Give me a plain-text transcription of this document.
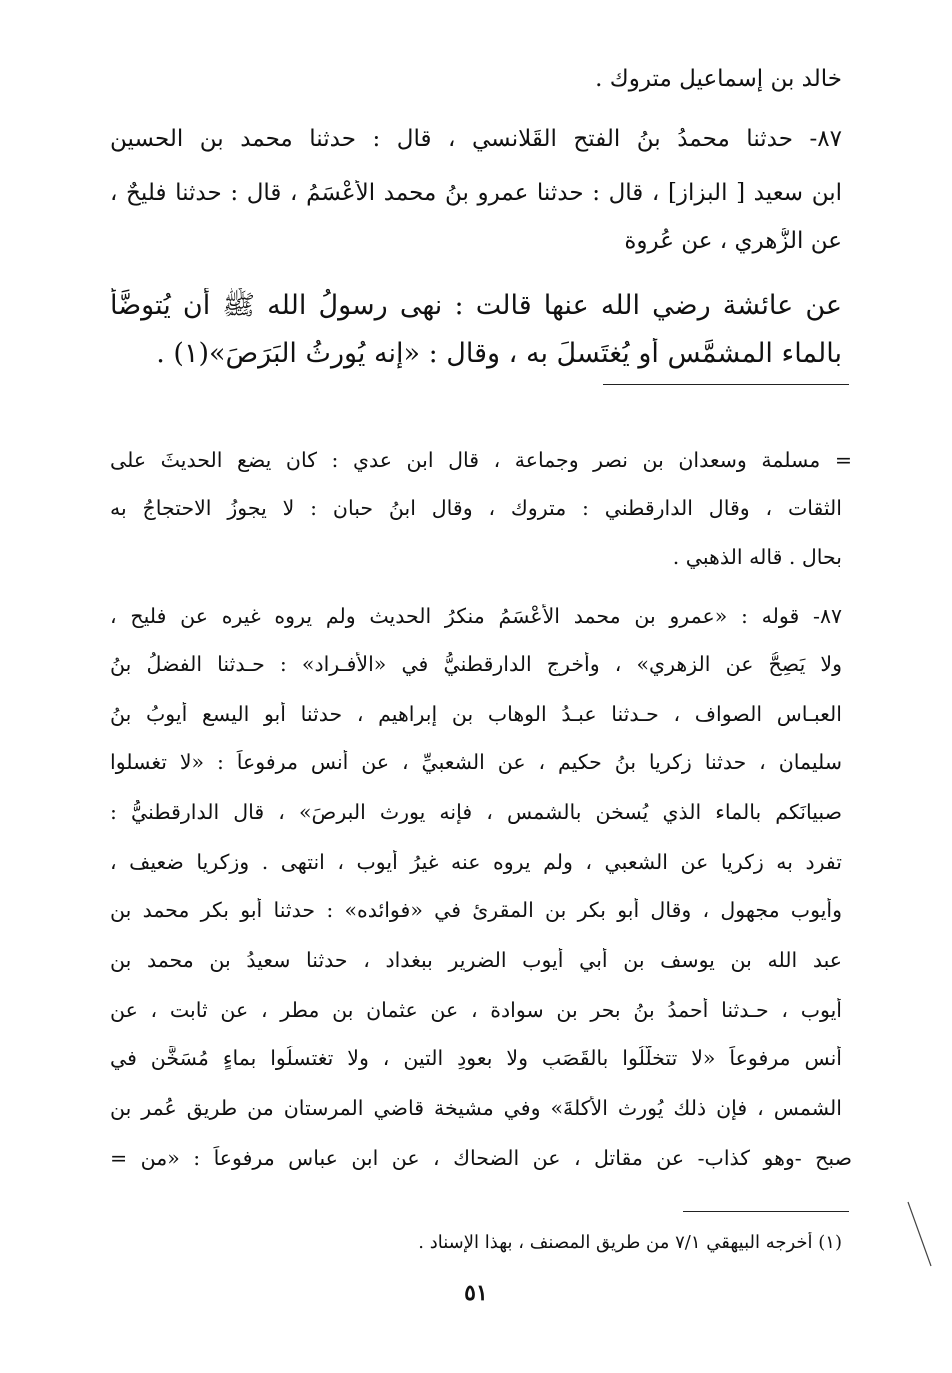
خالد بن إسماعيل متروك .
٨٧- حدثنا محمدُ بنُ الفتح القَلانسي ، قال : حدثنا محمد بن الحسين
ابن سعيد [ البزاز] ، قال : حدثنا عمرو بنُ محمد الأعْسَمُ ، قال : حدثنا فليحٌ ،
عن الزُّهري ، عن عُروة
عن عائشة رضي الله عنها قالت : نهى رسولُ الله ﷺ أن يُتوضَّأ
بالماء المشمَّس أو يُغتَسلَ به ، وقال : «إنه يُورِثُ البَرَصَ»(١) .
= مسلمة وسعدان بن نصر وجماعة ، قال ابن عدي : كان يضع الحديثَ على
الثقات ، وقال الدارقطني : متروك ، وقال ابنُ حبان : لا يجوزُ الاحتجاجُ به
بحال . قاله الذهبي .
٨٧- قوله : «عمرو بن محمد الأعْسَمُ منكرُ الحديث ولم يروه غيره عن فليح ،
ولا يَصِحُّ عن الزهري» ، وأخرج الدارقطنيُّ في «الأفـراد» : حـدثنا الفضلُ بنُ
العبـاس الصواف ، حـدثنا عبـدُ الوهاب بن إبراهيم ، حدثنا أبو اليسع أيوبُ بنُ
سليمان ، حدثنا زكريا بنُ حكيم ، عن الشعبيِّ ، عن أنس مرفوعاً : «لا تغسلوا
صبيانَكم بالماء الذي يُسخن بالشمس ، فإنه يورث البرصَ» ، قال الدارقطنيُّ :
تفرد به زكريا عن الشعبي ، ولم يروه عنه غيرُ أيوب ، انتهى . وزكريا ضعيف ،
وأيوب مجهول ، وقال أبو بكر بن المقرئ في «فوائده» : حدثنا أبو بكر محمد بن
عبد الله بن يوسف بن أبي أيوب الضرير ببغداد ، حدثنا سعيدُ بن محمد بن
أيوب ، حـدثنا أحمدُ بنُ بحر بن سوادة ، عن عثمان بن مطر ، عن ثابت ، عن
أنس مرفوعاً «لا تتخلَّلُوا بالقَصَبِ ولا بعودِ التين ، ولا تغتسلُوا بماءٍ مُسَخَّنٍ في
الشمس ، فإن ذلك يُورث الأكلةَ» وفي مشيخة قاضي المرستان من طريق عُمر بن
صبح -وهو كذاب- عن مقاتل ، عن الضحاك ، عن ابن عباسٍ مرفوعاً : «من =
(١) أخرجه البيهقي ٧/١ من طريق المصنف ، بهذا الإسناد .
٥١
